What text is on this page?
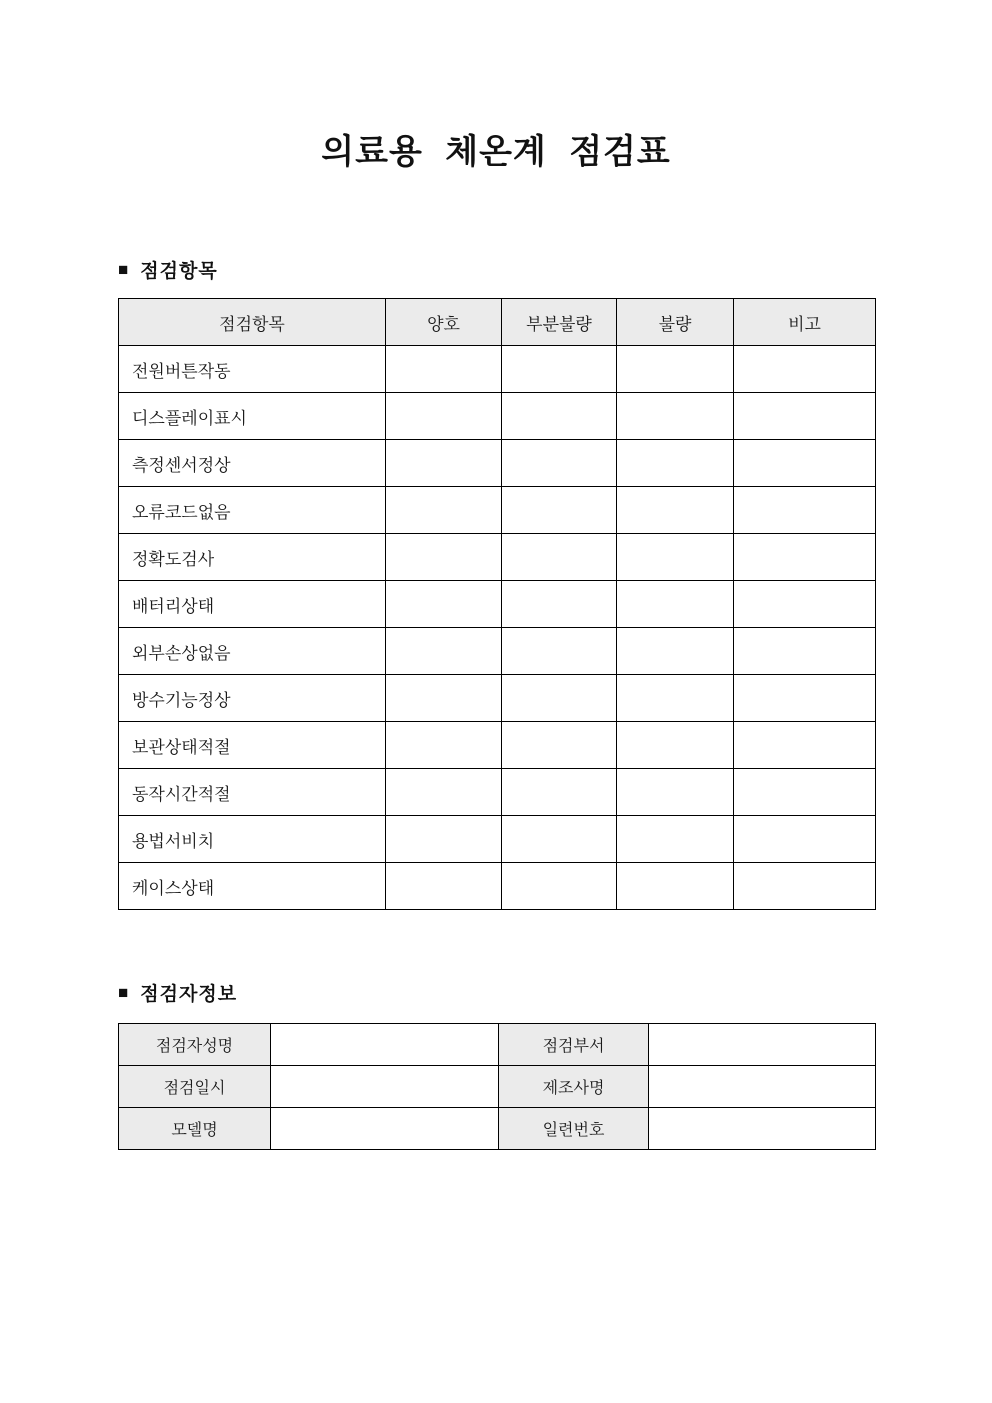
의료용 체온계 점검표
■ 점검항목
점검항목	양호	부분불량	불량	비고
전원버튼작동				
디스플레이표시				
측정센서정상				
오류코드없음				
정확도검사				
배터리상태				
외부손상없음				
방수기능정상				
보관상태적절				
동작시간적절				
용법서비치				
케이스상태				
■ 점검자정보
점검자성명		점검부서	
점검일시		제조사명	
모델명		일련번호	
